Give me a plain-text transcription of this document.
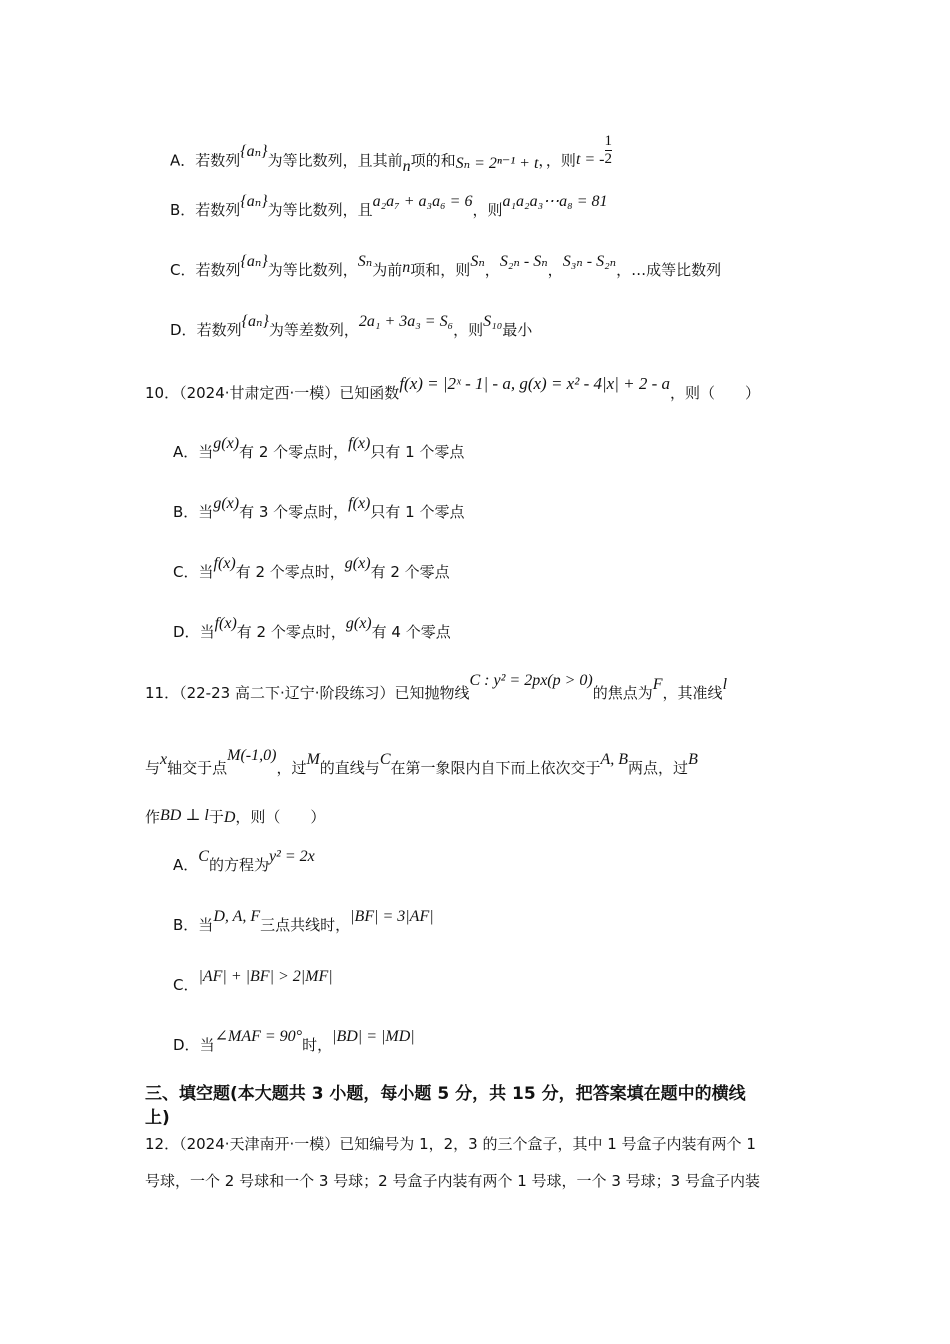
A．若数列{aₙ}为等比数列，且其前n项的和Sₙ = 2ⁿ⁻¹ + t，，则$t = -\frac{1}{2}$
B．若数列{aₙ}为等比数列，且a₂a₇ + a₃a₆ = 6，则a₁a₂a₃⋯a₈ = 81
C．若数列{aₙ}为等比数列，Sₙ为前n项和，则Sₙ，S₂ₙ - Sₙ，S₃ₙ - S₂ₙ，…成等比数列
D．若数列{aₙ}为等差数列，2a₁ + 3a₃ = S₆，则S₁₀最小
10．（2024·甘肃定西·一模）已知函数f(x) = |2ˣ - 1| - a, g(x) = x² - 4|x| + 2 - a，则（　　）
A．当g(x)有 2 个零点时，f(x)只有 1 个零点
B．当g(x)有 3 个零点时，f(x)只有 1 个零点
C．当f(x)有 2 个零点时，g(x)有 2 个零点
D．当f(x)有 2 个零点时，g(x)有 4 个零点
11．（22-23 高二下·辽宁·阶段练习）已知抛物线C : y² = 2px(p > 0)的焦点为F，其准线l
与x轴交于点M(-1,0)，过M的直线与C在第一象限内自下而上依次交于A, B两点，过B
作BD ⊥ l于D，则（　　）
A．C的方程为y² = 2x
B．当D, A, F三点共线时，|BF| = 3|AF|
C．|AF| + |BF| > 2|MF|
D．当∠MAF = 90°时，|BD| = |MD|
三、填空题(本大题共 3 小题，每小题 5 分，共 15 分，把答案填在题中的横线
上)
12．（2024·天津南开·一模）已知编号为 1，2，3 的三个盒子，其中 1 号盒子内装有两个 1
号球，一个 2 号球和一个 3 号球；2 号盒子内装有两个 1 号球，一个 3 号球；3 号盒子内装
